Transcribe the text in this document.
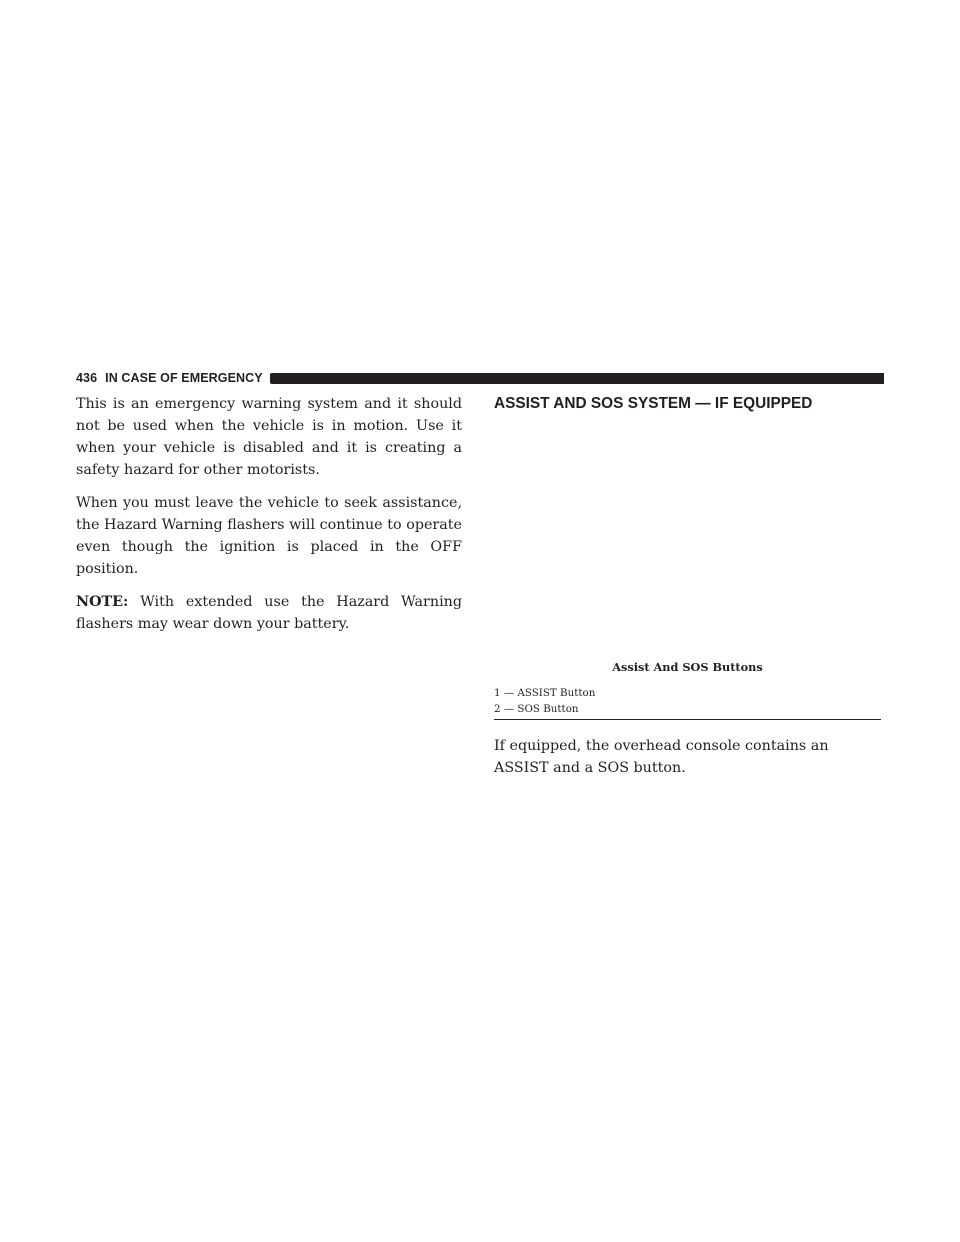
436 IN CASE OF EMERGENCY

This is an emergency warning system and it should not be used when the vehicle is in motion. Use it when your vehicle is disabled and it is creating a safety hazard for other motorists.

When you must leave the vehicle to seek assistance, the Hazard Warning flashers will continue to operate even though the ignition is placed in the OFF position.

NOTE: With extended use the Hazard Warning flashers may wear down your battery.

ASSIST AND SOS SYSTEM — IF EQUIPPED
Assist And SOS Buttons
1 — ASSIST Button
2 — SOS Button

If equipped, the overhead console contains an ASSIST and a SOS button.
